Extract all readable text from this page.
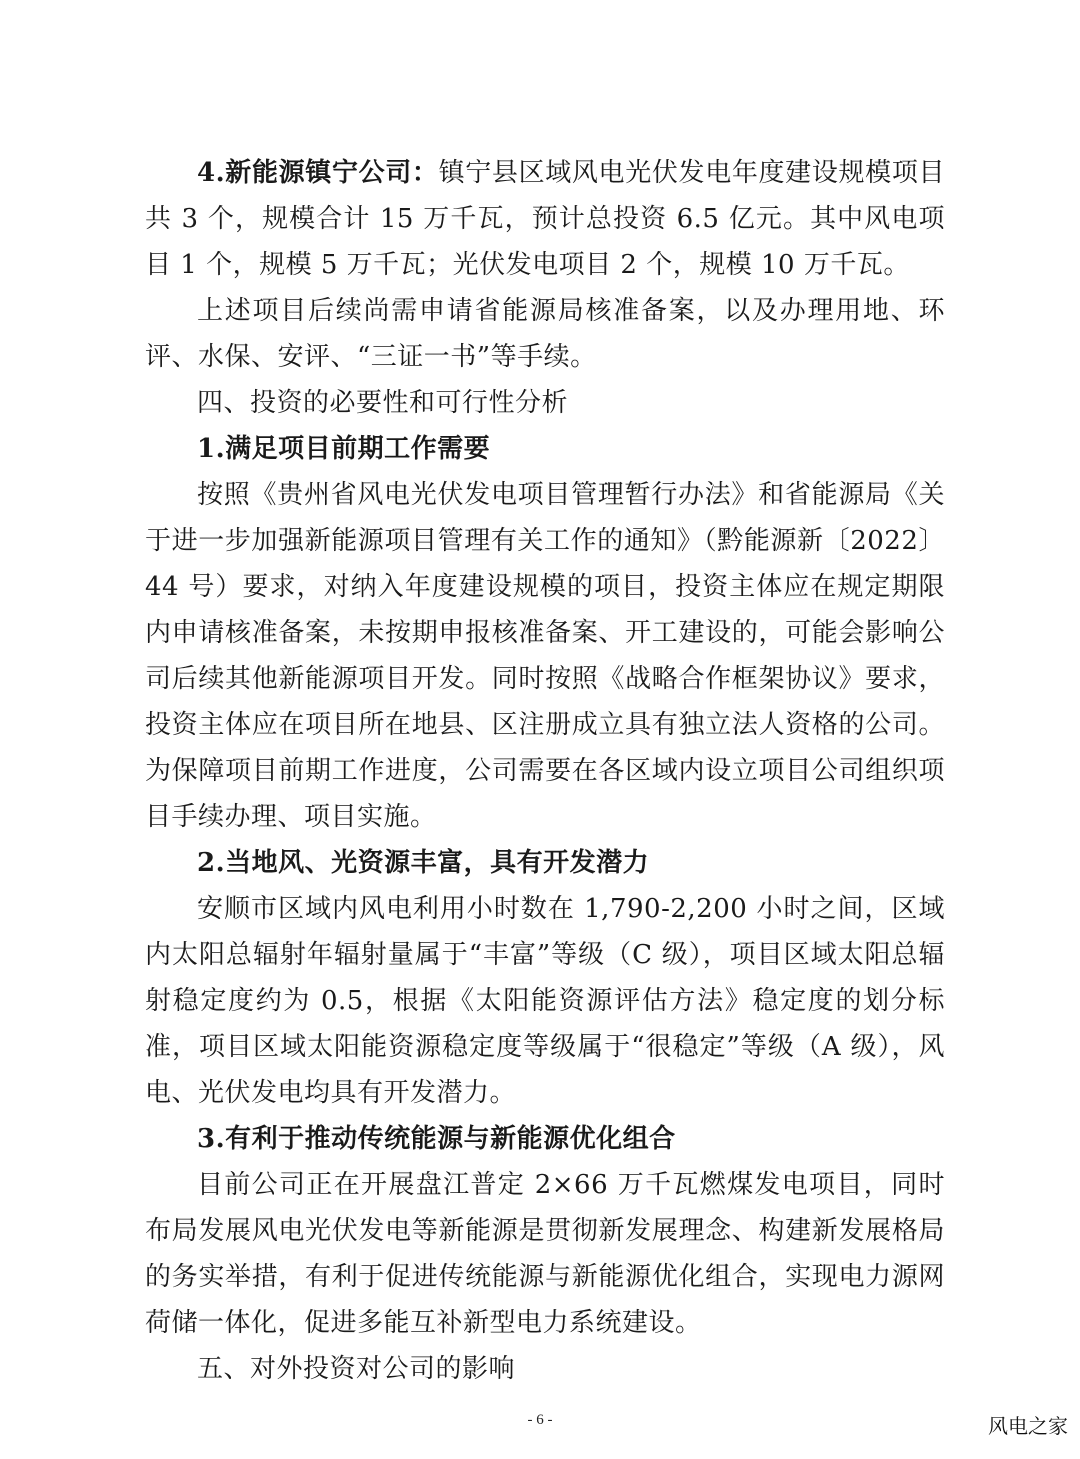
4.新能源镇宁公司：镇宁县区域风电光伏发电年度建设规模项目共 3 个，规模合计 15 万千瓦，预计总投资 6.5 亿元。其中风电项目 1 个，规模 5 万千瓦；光伏发电项目 2 个，规模 10 万千瓦。

上述项目后续尚需申请省能源局核准备案，以及办理用地、环评、水保、安评、“三证一书”等手续。

四、投资的必要性和可行性分析

1.满足项目前期工作需要

按照《贵州省风电光伏发电项目管理暂行办法》和省能源局《关于进一步加强新能源项目管理有关工作的通知》（黔能源新〔2022〕44 号）要求，对纳入年度建设规模的项目，投资主体应在规定期限内申请核准备案，未按期申报核准备案、开工建设的，可能会影响公司后续其他新能源项目开发。同时按照《战略合作框架协议》要求，投资主体应在项目所在地县、区注册成立具有独立法人资格的公司。为保障项目前期工作进度，公司需要在各区域内设立项目公司组织项目手续办理、项目实施。

2.当地风、光资源丰富，具有开发潜力

安顺市区域内风电利用小时数在 1,790-2,200 小时之间，区域内太阳总辐射年辐射量属于“丰富”等级（C 级），项目区域太阳总辐射稳定度约为 0.5，根据《太阳能资源评估方法》稳定度的划分标准，项目区域太阳能资源稳定度等级属于“很稳定”等级（A 级），风电、光伏发电均具有开发潜力。

3.有利于推动传统能源与新能源优化组合

目前公司正在开展盘江普定 2×66 万千瓦燃煤发电项目，同时布局发展风电光伏发电等新能源是贯彻新发展理念、构建新发展格局的务实举措，有利于促进传统能源与新能源优化组合，实现电力源网荷储一体化，促进多能互补新型电力系统建设。

五、对外投资对公司的影响

- 6 -	风电之家
